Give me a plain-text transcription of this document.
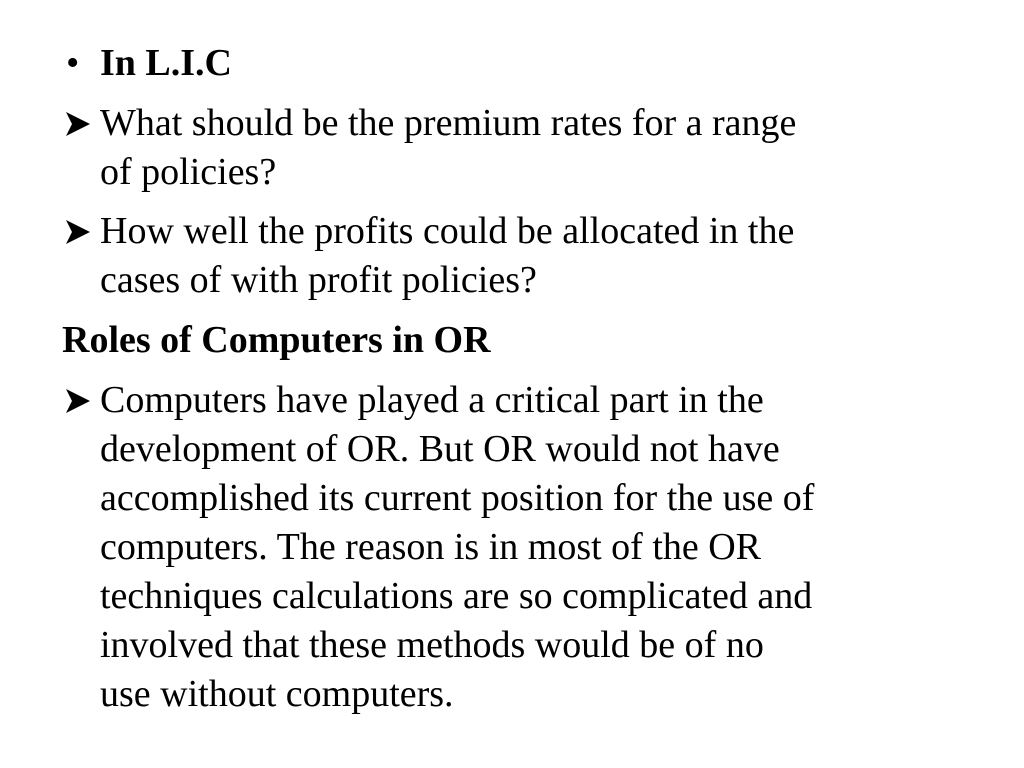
• In L.I.C
What should be the premium rates for a range
of policies?
How well the profits could be allocated in the
cases of with profit policies?
Roles of Computers in OR
Computers have played a critical part in the
development of OR. But OR would not have
accomplished its current position for the use of
computers. The reason is in most of the OR
techniques calculations are so complicated and
involved that these methods would be of no
use without computers.
